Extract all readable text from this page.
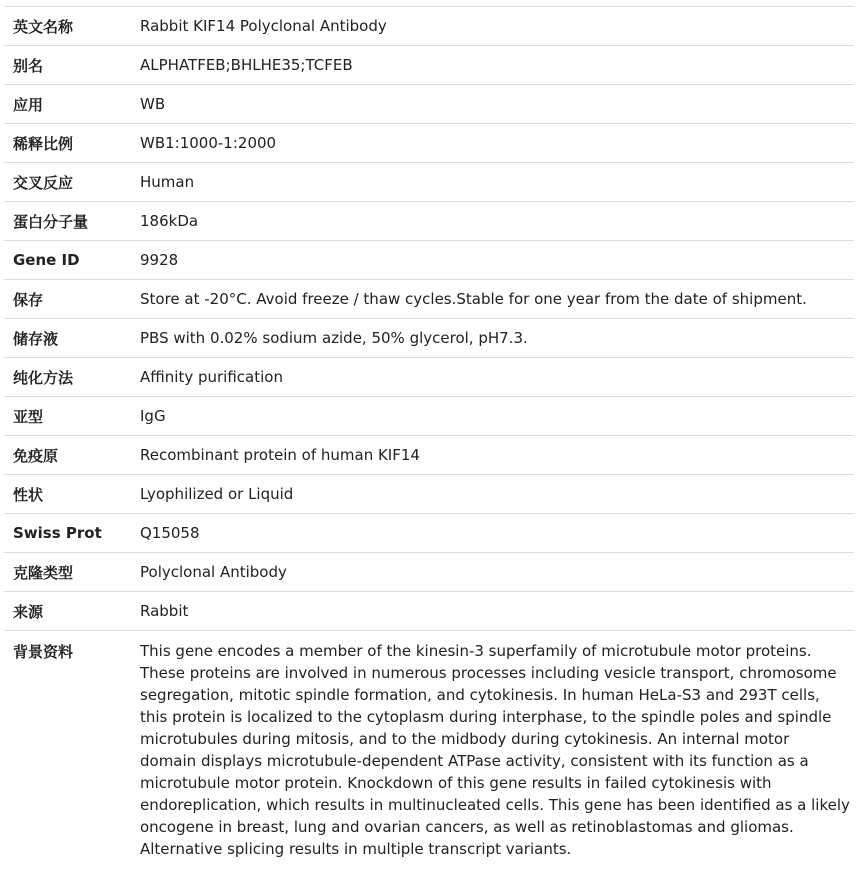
英文名称	Rabbit KIF14 Polyclonal Antibody
别名	ALPHATFEB;BHLHE35;TCFEB
应用	WB
稀释比例	WB1:1000-1:2000
交叉反应	Human
蛋白分子量	186kDa
Gene ID	9928
保存	Store at -20°C. Avoid freeze / thaw cycles.Stable for one year from the date of shipment.
储存液	PBS with 0.02% sodium azide, 50% glycerol, pH7.3.
纯化方法	Affinity purification
亚型	IgG
免疫原	Recombinant protein of human KIF14
性状	Lyophilized or Liquid
Swiss Prot	Q15058
克隆类型	Polyclonal Antibody
来源	Rabbit
背景资料	This gene encodes a member of the kinesin-3 superfamily of microtubule motor proteins. These proteins are involved in numerous processes including vesicle transport, chromosome segregation, mitotic spindle formation, and cytokinesis. In human HeLa-S3 and 293T cells, this protein is localized to the cytoplasm during interphase, to the spindle poles and spindle microtubules during mitosis, and to the midbody during cytokinesis. An internal motor domain displays microtubule-dependent ATPase activity, consistent with its function as a microtubule motor protein. Knockdown of this gene results in failed cytokinesis with endoreplication, which results in multinucleated cells. This gene has been identified as a likely oncogene in breast, lung and ovarian cancers, as well as retinoblastomas and gliomas. Alternative splicing results in multiple transcript variants.
